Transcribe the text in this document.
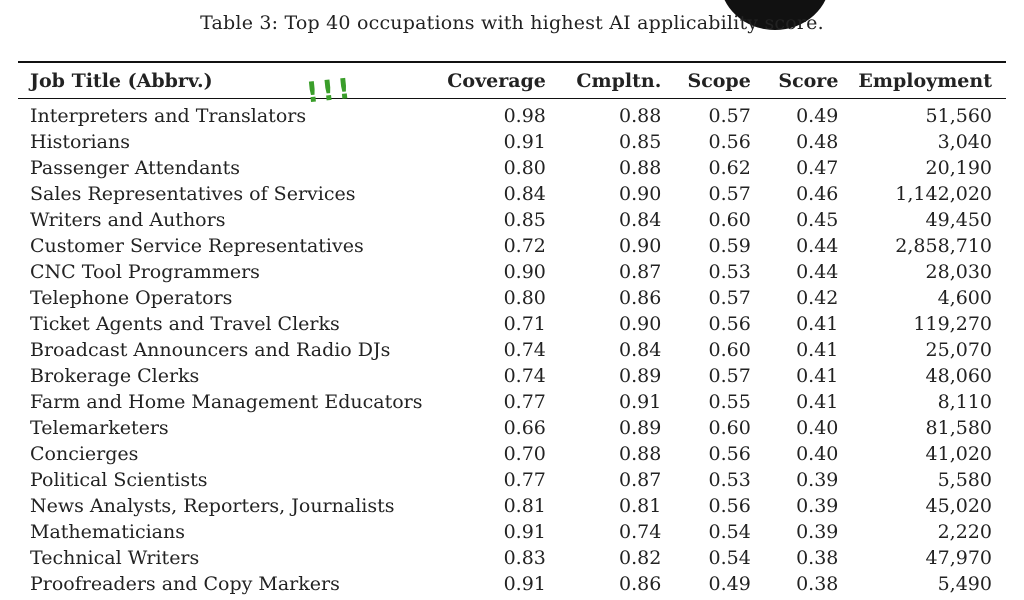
Table 3: Top 40 occupations with highest AI applicability score.
Job Title (Abbrv.)	Coverage	Cmpltn.	Scope	Score	Employment
Interpreters and Translators	0.98	0.88	0.57	0.49	51,560
Historians	0.91	0.85	0.56	0.48	3,040
Passenger Attendants	0.80	0.88	0.62	0.47	20,190
Sales Representatives of Services	0.84	0.90	0.57	0.46	1,142,020
Writers and Authors	0.85	0.84	0.60	0.45	49,450
Customer Service Representatives	0.72	0.90	0.59	0.44	2,858,710
CNC Tool Programmers	0.90	0.87	0.53	0.44	28,030
Telephone Operators	0.80	0.86	0.57	0.42	4,600
Ticket Agents and Travel Clerks	0.71	0.90	0.56	0.41	119,270
Broadcast Announcers and Radio DJs	0.74	0.84	0.60	0.41	25,070
Brokerage Clerks	0.74	0.89	0.57	0.41	48,060
Farm and Home Management Educators	0.77	0.91	0.55	0.41	8,110
Telemarketers	0.66	0.89	0.60	0.40	81,580
Concierges	0.70	0.88	0.56	0.40	41,020
Political Scientists	0.77	0.87	0.53	0.39	5,580
News Analysts, Reporters, Journalists	0.81	0.81	0.56	0.39	45,020
Mathematicians	0.91	0.74	0.54	0.39	2,220
Technical Writers	0.83	0.82	0.54	0.38	47,970
Proofreaders and Copy Markers	0.91	0.86	0.49	0.38	5,490
!!!
